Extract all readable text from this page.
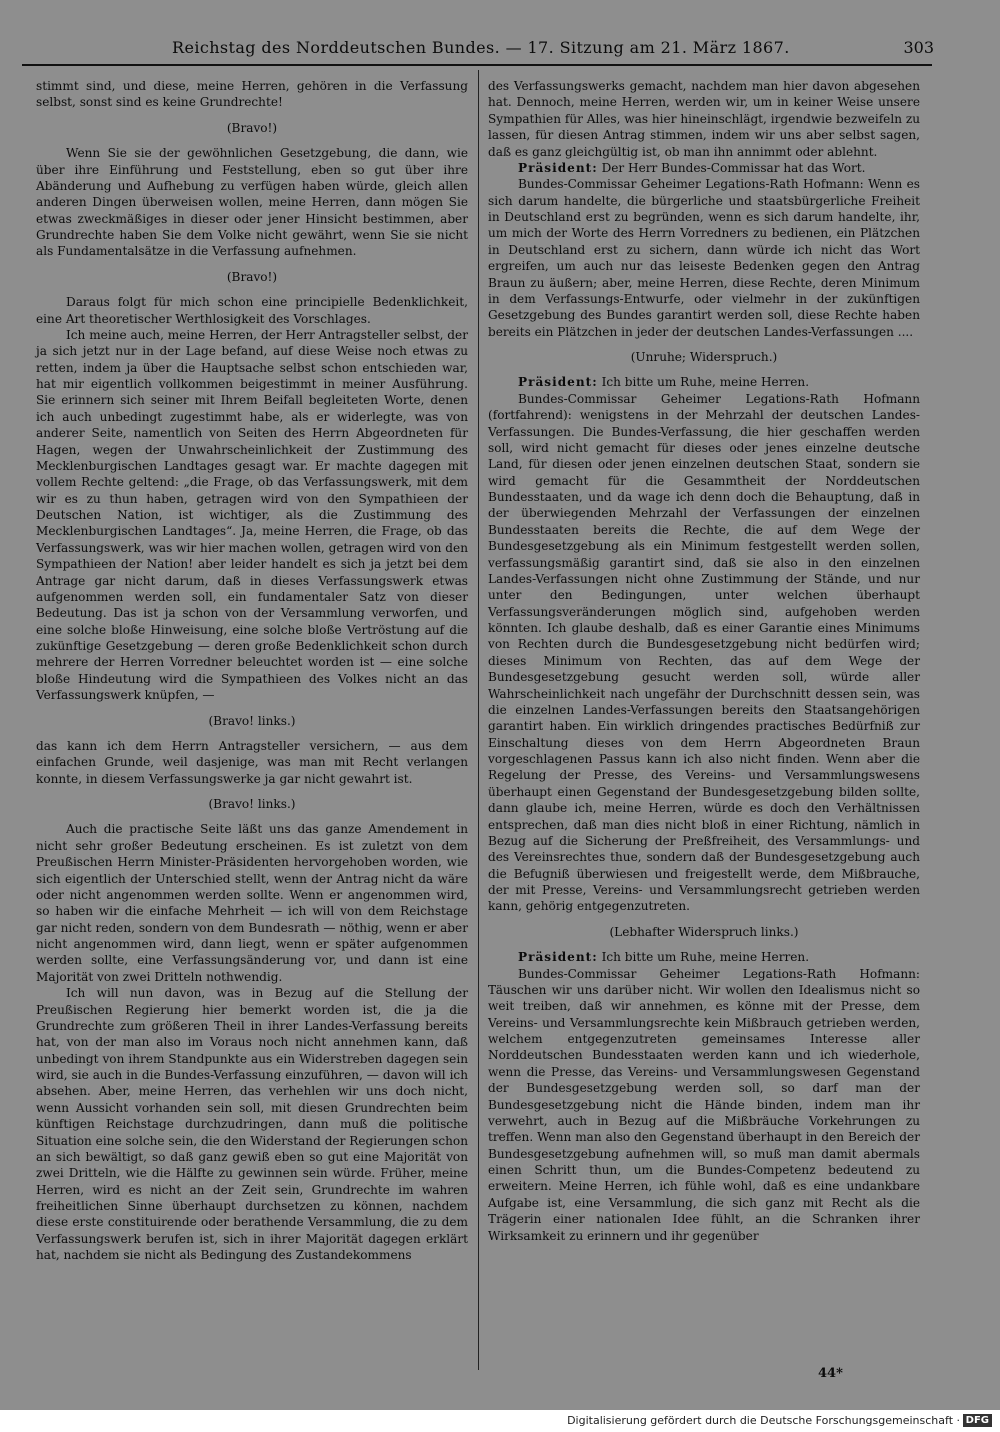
Reichstag des Norddeutschen Bundes. — 17. Sitzung am 21. März 1867.	303

stimmt sind, und diese, meine Herren, gehören in die Verfassung selbst, sonst sind es keine Grundrechte!

(Bravo!)

Wenn Sie sie der gewöhnlichen Gesetzgebung, die dann, wie über ihre Einführung und Feststellung, eben so gut über ihre Abänderung und Aufhebung zu verfügen haben würde, gleich allen anderen Dingen überweisen wollen, meine Herren, dann mögen Sie etwas zweckmäßiges in dieser oder jener Hinsicht bestimmen, aber Grundrechte haben Sie dem Volke nicht gewährt, wenn Sie sie nicht als Fundamentalsätze in die Verfassung aufnehmen.

(Bravo!)

Daraus folgt für mich schon eine principielle Bedenklichkeit, eine Art theoretischer Werthlosigkeit des Vorschlages.

Ich meine auch, meine Herren, der Herr Antragsteller selbst, der ja sich jetzt nur in der Lage befand, auf diese Weise noch etwas zu retten, indem ja über die Hauptsache selbst schon entschieden war, hat mir eigentlich vollkommen beigestimmt in meiner Ausführung. Sie erinnern sich seiner mit Ihrem Beifall begleiteten Worte, denen ich auch unbedingt zugestimmt habe, als er widerlegte, was von anderer Seite, namentlich von Seiten des Herrn Abgeordneten für Hagen, wegen der Unwahrscheinlichkeit der Zustimmung des Mecklenburgischen Landtages gesagt war. Er machte dagegen mit vollem Rechte geltend: „die Frage, ob das Verfassungswerk, mit dem wir es zu thun haben, getragen wird von den Sympathieen der Deutschen Nation, ist wichtiger, als die Zustimmung des Mecklenburgischen Landtages“. Ja, meine Herren, die Frage, ob das Verfassungswerk, was wir hier machen wollen, getragen wird von den Sympathieen der Nation! aber leider handelt es sich ja jetzt bei dem Antrage gar nicht darum, daß in dieses Verfassungswerk etwas aufgenommen werden soll, ein fundamentaler Satz von dieser Bedeutung. Das ist ja schon von der Versammlung verworfen, und eine solche bloße Hinweisung, eine solche bloße Vertröstung auf die zukünftige Gesetzgebung — deren große Bedenklichkeit schon durch mehrere der Herren Vorredner beleuchtet worden ist — eine solche bloße Hindeutung wird die Sympathieen des Volkes nicht an das Verfassungswerk knüpfen, —

(Bravo! links.)

das kann ich dem Herrn Antragsteller versichern, — aus dem einfachen Grunde, weil dasjenige, was man mit Recht verlangen konnte, in diesem Verfassungswerke ja gar nicht gewahrt ist.

(Bravo! links.)

Auch die practische Seite läßt uns das ganze Amendement in nicht sehr großer Bedeutung erscheinen. Es ist zuletzt von dem Preußischen Herrn Minister-Präsidenten hervorgehoben worden, wie sich eigentlich der Unterschied stellt, wenn der Antrag nicht da wäre oder nicht angenommen werden sollte. Wenn er angenommen wird, so haben wir die einfache Mehrheit — ich will von dem Reichstage gar nicht reden, sondern von dem Bundesrath — nöthig, wenn er aber nicht angenommen wird, dann liegt, wenn er später aufgenommen werden sollte, eine Verfassungsänderung vor, und dann ist eine Majorität von zwei Dritteln nothwendig.

Ich will nun davon, was in Bezug auf die Stellung der Preußischen Regierung hier bemerkt worden ist, die ja die Grundrechte zum größeren Theil in ihrer Landes-Verfassung bereits hat, von der man also im Voraus noch nicht annehmen kann, daß unbedingt von ihrem Standpunkte aus ein Widerstreben dagegen sein wird, sie auch in die Bundes-Verfassung einzuführen, — davon will ich absehen. Aber, meine Herren, das verhehlen wir uns doch nicht, wenn Aussicht vorhanden sein soll, mit diesen Grundrechten beim künftigen Reichstage durchzudringen, dann muß die politische Situation eine solche sein, die den Widerstand der Regierungen schon an sich bewältigt, so daß ganz gewiß eben so gut eine Majorität von zwei Dritteln, wie die Hälfte zu gewinnen sein würde. Früher, meine Herren, wird es nicht an der Zeit sein, Grundrechte im wahren freiheitlichen Sinne überhaupt durchsetzen zu können, nachdem diese erste constituirende oder berathende Versammlung, die zu dem Verfassungswerk berufen ist, sich in ihrer Majorität dagegen erklärt hat, nachdem sie nicht als Bedingung des Zustandekommens

des Verfassungswerks gemacht, nachdem man hier davon abgesehen hat. Dennoch, meine Herren, werden wir, um in keiner Weise unsere Sympathien für Alles, was hier hineinschlägt, irgendwie bezweifeln zu lassen, für diesen Antrag stimmen, indem wir uns aber selbst sagen, daß es ganz gleichgültig ist, ob man ihn annimmt oder ablehnt.

Präsident: Der Herr Bundes-Commissar hat das Wort.

Bundes-Commissar Geheimer Legations-Rath Hofmann: Wenn es sich darum handelte, die bürgerliche und staatsbürgerliche Freiheit in Deutschland erst zu begründen, wenn es sich darum handelte, ihr, um mich der Worte des Herrn Vorredners zu bedienen, ein Plätzchen in Deutschland erst zu sichern, dann würde ich nicht das Wort ergreifen, um auch nur das leiseste Bedenken gegen den Antrag Braun zu äußern; aber, meine Herren, diese Rechte, deren Minimum in dem Verfassungs-Entwurfe, oder vielmehr in der zukünftigen Gesetzgebung des Bundes garantirt werden soll, diese Rechte haben bereits ein Plätzchen in jeder der deutschen Landes-Verfassungen ....

(Unruhe; Widerspruch.)

Präsident: Ich bitte um Ruhe, meine Herren.

Bundes-Commissar Geheimer Legations-Rath Hofmann (fortfahrend): wenigstens in der Mehrzahl der deutschen Landes-Verfassungen. Die Bundes-Verfassung, die hier geschaffen werden soll, wird nicht gemacht für dieses oder jenes einzelne deutsche Land, für diesen oder jenen einzelnen deutschen Staat, sondern sie wird gemacht für die Gesammtheit der Norddeutschen Bundesstaaten, und da wage ich denn doch die Behauptung, daß in der überwiegenden Mehrzahl der Verfassungen der einzelnen Bundesstaaten bereits die Rechte, die auf dem Wege der Bundesgesetzgebung als ein Minimum festgestellt werden sollen, verfassungsmäßig garantirt sind, daß sie also in den einzelnen Landes-Verfassungen nicht ohne Zustimmung der Stände, und nur unter den Bedingungen, unter welchen überhaupt Verfassungsveränderungen möglich sind, aufgehoben werden könnten. Ich glaube deshalb, daß es einer Garantie eines Minimums von Rechten durch die Bundesgesetzgebung nicht bedürfen wird; dieses Minimum von Rechten, das auf dem Wege der Bundesgesetzgebung gesucht werden soll, würde aller Wahrscheinlichkeit nach ungefähr der Durchschnitt dessen sein, was die einzelnen Landes-Verfassungen bereits den Staatsangehörigen garantirt haben. Ein wirklich dringendes practisches Bedürfniß zur Einschaltung dieses von dem Herrn Abgeordneten Braun vorgeschlagenen Passus kann ich also nicht finden. Wenn aber die Regelung der Presse, des Vereins- und Versammlungswesens überhaupt einen Gegenstand der Bundesgesetzgebung bilden sollte, dann glaube ich, meine Herren, würde es doch den Verhältnissen entsprechen, daß man dies nicht bloß in einer Richtung, nämlich in Bezug auf die Sicherung der Preßfreiheit, des Versammlungs- und des Vereinsrechtes thue, sondern daß der Bundesgesetzgebung auch die Befugniß überwiesen und freigestellt werde, dem Mißbrauche, der mit Presse, Vereins- und Versammlungsrecht getrieben werden kann, gehörig entgegenzutreten.

(Lebhafter Widerspruch links.)

Präsident: Ich bitte um Ruhe, meine Herren.

Bundes-Commissar Geheimer Legations-Rath Hofmann: Täuschen wir uns darüber nicht. Wir wollen den Idealismus nicht so weit treiben, daß wir annehmen, es könne mit der Presse, dem Vereins- und Versammlungsrechte kein Mißbrauch getrieben werden, welchem entgegenzutreten gemeinsames Interesse aller Norddeutschen Bundesstaaten werden kann und ich wiederhole, wenn die Presse, das Vereins- und Versammlungswesen Gegenstand der Bundesgesetzgebung werden soll, so darf man der Bundesgesetzgebung nicht die Hände binden, indem man ihr verwehrt, auch in Bezug auf die Mißbräuche Vorkehrungen zu treffen. Wenn man also den Gegenstand überhaupt in den Bereich der Bundesgesetzgebung aufnehmen will, so muß man damit abermals einen Schritt thun, um die Bundes-Competenz bedeutend zu erweitern. Meine Herren, ich fühle wohl, daß es eine undankbare Aufgabe ist, eine Versammlung, die sich ganz mit Recht als die Trägerin einer nationalen Idee fühlt, an die Schranken ihrer Wirksamkeit zu erinnern und ihr gegenüber

44*
Digitalisierung gefördert durch die Deutsche Forschungsgemeinschaft · DFG
